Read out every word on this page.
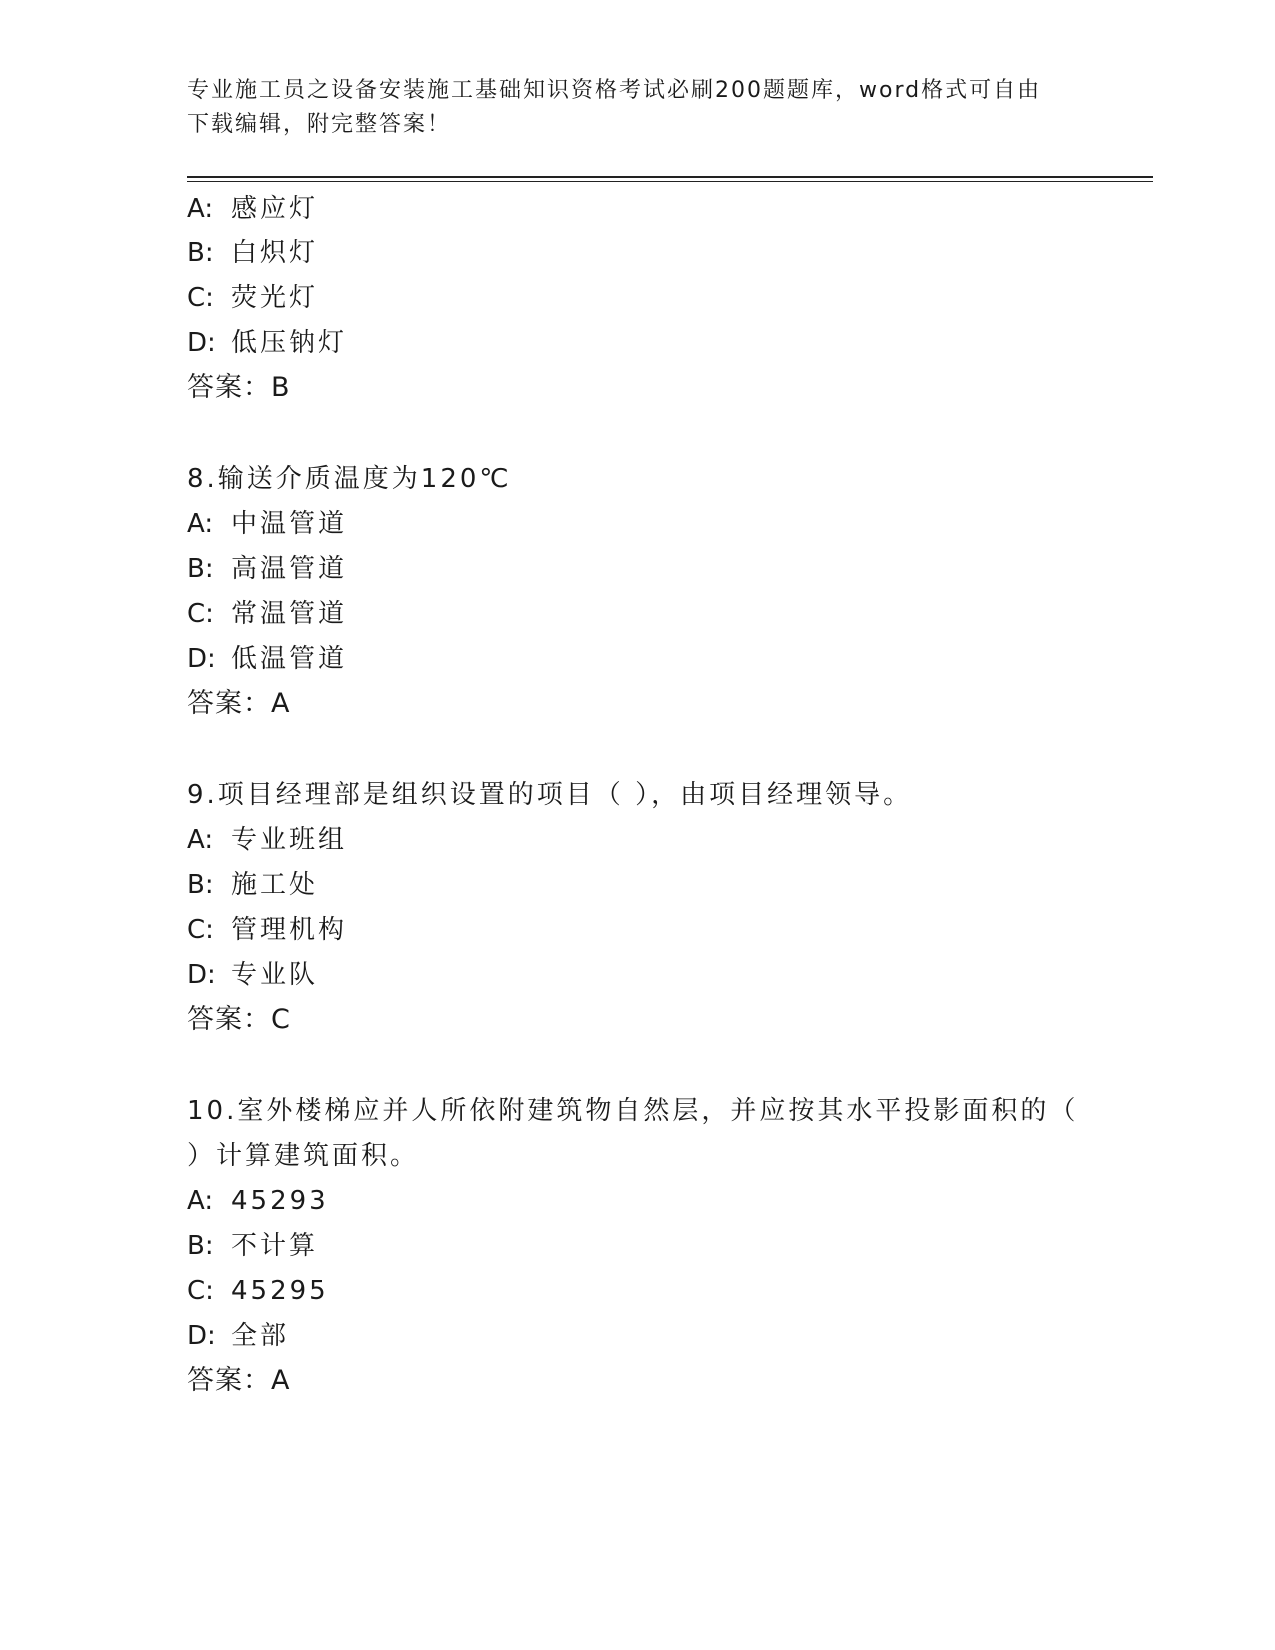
专业施工员之设备安装施工基础知识资格考试必刷200题题库，word格式可自由
下载编辑，附完整答案！
A: 感应灯
B: 白炽灯
C: 荧光灯
D: 低压钠灯
答案：B
8.输送介质温度为120℃
A: 中温管道
B: 高温管道
C: 常温管道
D: 低温管道
答案：A
9.项目经理部是组织设置的项目（ ），由项目经理领导。
A: 专业班组
B: 施工处
C: 管理机构
D: 专业队
答案：C
10.室外楼梯应并人所依附建筑物自然层，并应按其水平投影面积的（
）计算建筑面积。
A: 45293
B: 不计算
C: 45295
D: 全部
答案：A
